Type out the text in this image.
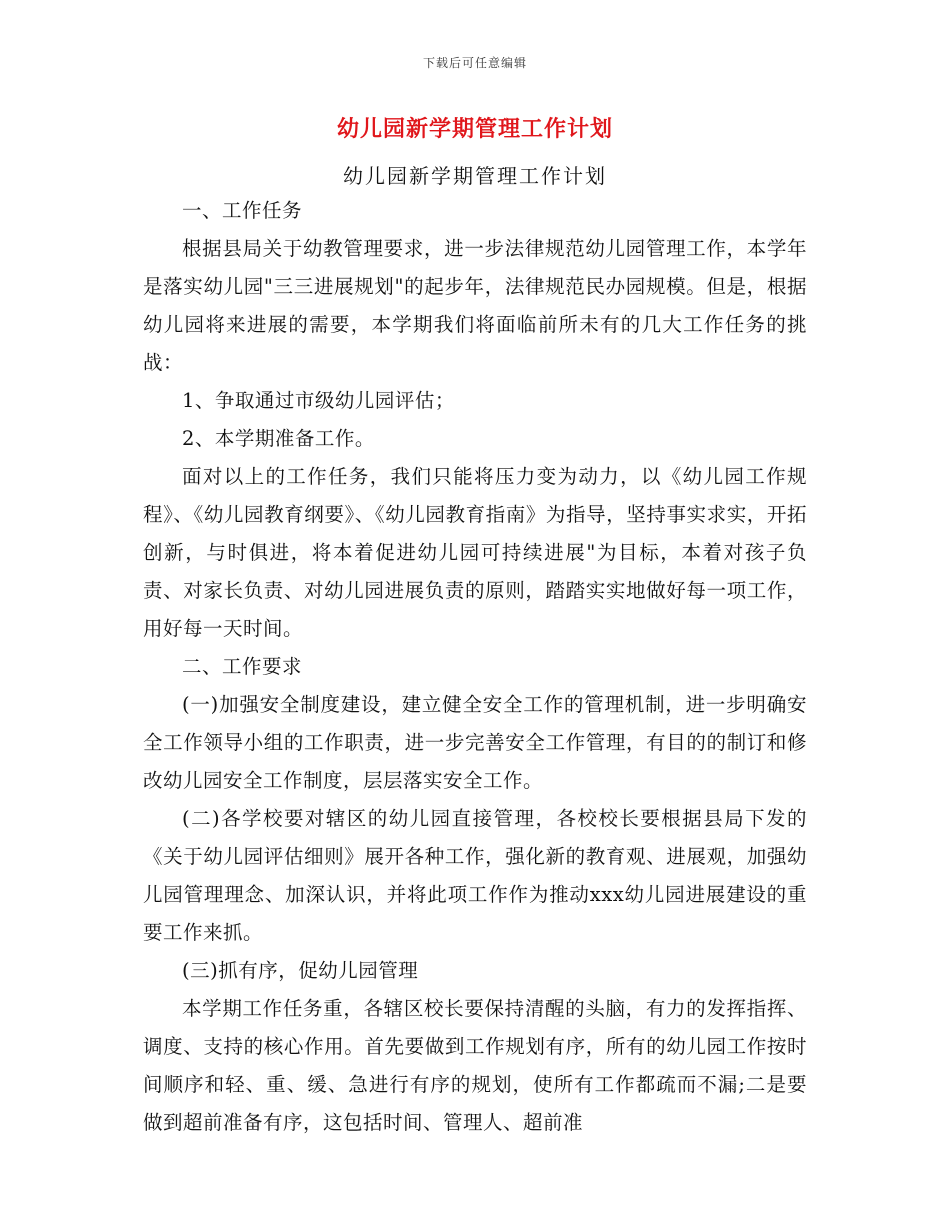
下载后可任意编辑
幼儿园新学期管理工作计划
幼儿园新学期管理工作计划

一、工作任务

根据县局关于幼教管理要求，进一步法律规范幼儿园管理工作，本学年是落实幼儿园"三三进展规划"的起步年，法律规范民办园规模。但是，根据幼儿园将来进展的需要，本学期我们将面临前所未有的几大工作任务的挑战：

1、争取通过市级幼儿园评估；

2、本学期准备工作。

面对以上的工作任务，我们只能将压力变为动力，以《幼儿园工作规程》、《幼儿园教育纲要》、《幼儿园教育指南》为指导，坚持事实求实，开拓创新，与时俱进，将本着促进幼儿园可持续进展"为目标，本着对孩子负责、对家长负责、对幼儿园进展负责的原则，踏踏实实地做好每一项工作，用好每一天时间。

二、工作要求

(一)加强安全制度建设，建立健全安全工作的管理机制，进一步明确安全工作领导小组的工作职责，进一步完善安全工作管理，有目的的制订和修改幼儿园安全工作制度，层层落实安全工作。

(二)各学校要对辖区的幼儿园直接管理，各校校长要根据县局下发的《关于幼儿园评估细则》展开各种工作，强化新的教育观、进展观，加强幼儿园管理理念、加深认识，并将此项工作作为推动xxx幼儿园进展建设的重要工作来抓。

(三)抓有序，促幼儿园管理

本学期工作任务重，各辖区校长要保持清醒的头脑，有力的发挥指挥、调度、支持的核心作用。首先要做到工作规划有序，所有的幼儿园工作按时间顺序和轻、重、缓、急进行有序的规划，使所有工作都疏而不漏;二是要做到超前准备有序，这包括时间、管理人、超前准
